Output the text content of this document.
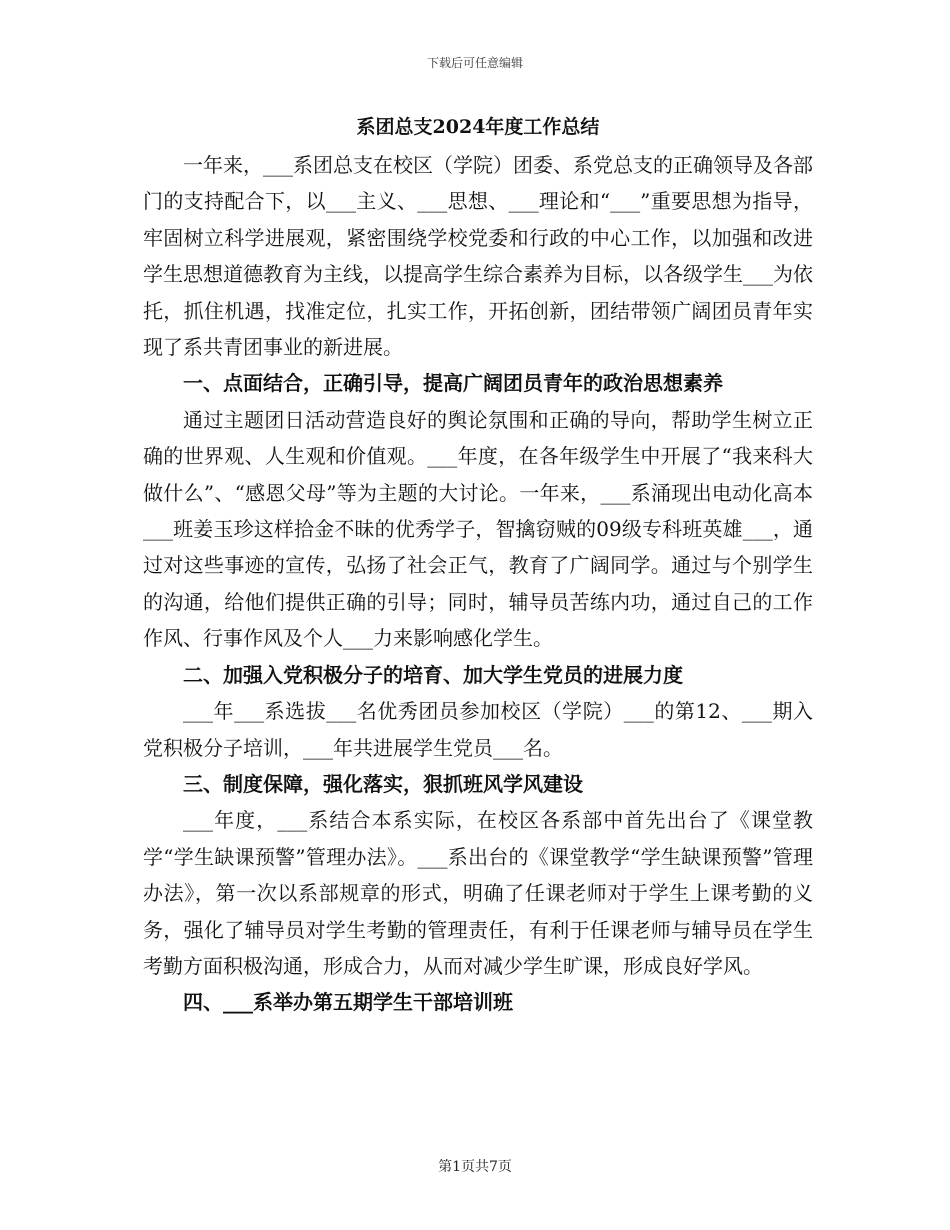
下载后可任意编辑
系团总支2024年度工作总结

一年来，___系团总支在校区（学院）团委、系党总支的正确领导及各部门的支持配合下，以___主义、___思想、___理论和“___”重要思想为指导，牢固树立科学进展观，紧密围绕学校党委和行政的中心工作，以加强和改进学生思想道德教育为主线，以提高学生综合素养为目标，以各级学生___为依托，抓住机遇，找准定位，扎实工作，开拓创新，团结带领广阔团员青年实现了系共青团事业的新进展。

一、点面结合，正确引导，提高广阔团员青年的政治思想素养

通过主题团日活动营造良好的舆论氛围和正确的导向，帮助学生树立正确的世界观、人生观和价值观。___年度，在各年级学生中开展了“我来科大做什么”、“感恩父母”等为主题的大讨论。一年来，___系涌现出电动化高本___班姜玉珍这样拾金不昧的优秀学子，智擒窃贼的09级专科班英雄___，通过对这些事迹的宣传，弘扬了社会正气，教育了广阔同学。通过与个别学生的沟通，给他们提供正确的引导；同时，辅导员苦练内功，通过自己的工作作风、行事作风及个人___力来影响感化学生。

二、加强入党积极分子的培育、加大学生党员的进展力度

___年___系选拔___名优秀团员参加校区（学院）___的第12、___期入党积极分子培训，___年共进展学生党员___名。

三、制度保障，强化落实，狠抓班风学风建设

___年度，___系结合本系实际，在校区各系部中首先出台了《课堂教学“学生缺课预警”管理办法》。___系出台的《课堂教学“学生缺课预警”管理办法》，第一次以系部规章的形式，明确了任课老师对于学生上课考勤的义务，强化了辅导员对学生考勤的管理责任，有利于任课老师与辅导员在学生考勤方面积极沟通，形成合力，从而对减少学生旷课，形成良好学风。

四、___系举办第五期学生干部培训班

第1页共7页
